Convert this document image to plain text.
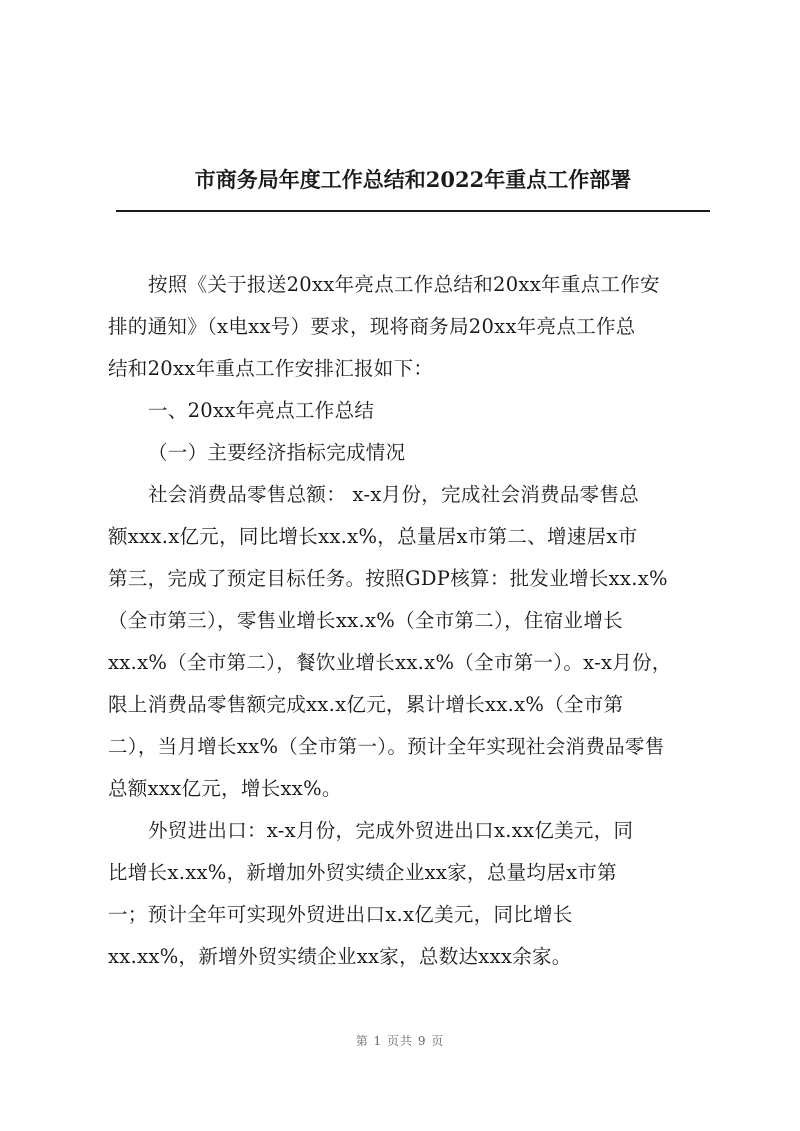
市商务局年度工作总结和2022年重点工作部署
按照《关于报送20xx年亮点工作总结和20xx年重点工作安
排的通知》（x电xx号）要求，现将商务局20xx年亮点工作总
结和20xx年重点工作安排汇报如下：
一、20xx年亮点工作总结
（一）主要经济指标完成情况
社会消费品零售总额： x-x月份，完成社会消费品零售总
额xxx.x亿元，同比增长xx.x%，总量居x市第二、增速居x市
第三，完成了预定目标任务。按照GDP核算：批发业增长xx.x%
（全市第三），零售业增长xx.x%（全市第二），住宿业增长
xx.x%（全市第二），餐饮业增长xx.x%（全市第一）。x-x月份，
限上消费品零售额完成xx.x亿元，累计增长xx.x%（全市第
二），当月增长xx%（全市第一）。预计全年实现社会消费品零售
总额xxx亿元，增长xx%。
外贸进出口：x-x月份，完成外贸进出口x.xx亿美元，同
比增长x.xx%，新增加外贸实绩企业xx家，总量均居x市第
一；预计全年可实现外贸进出口x.x亿美元，同比增长
xx.xx%，新增外贸实绩企业xx家，总数达xxx余家。
第 1 页共 9 页
